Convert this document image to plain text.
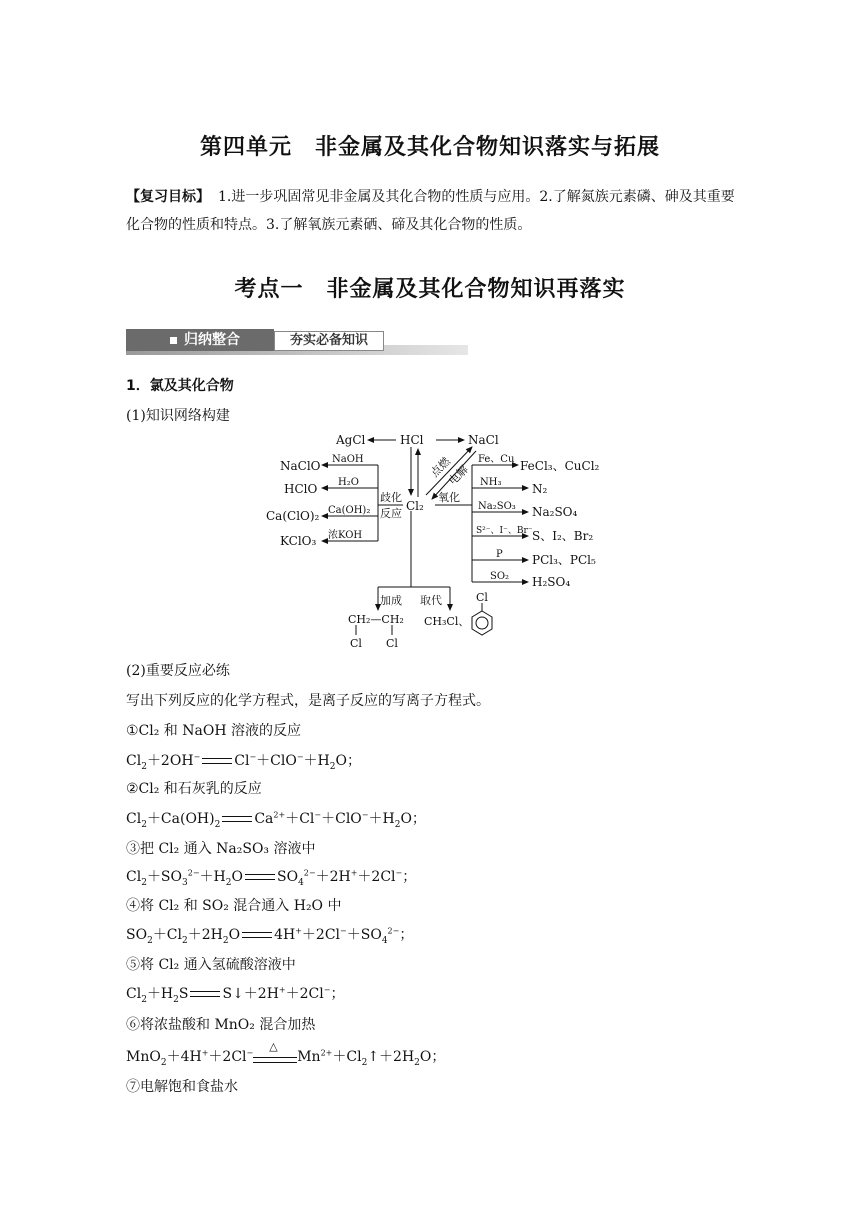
第四单元　非金属及其化合物知识落实与拓展
【复习目标】 1.进一步巩固常见非金属及其化合物的性质与应用。2.了解氮族元素磷、砷及其重要化合物的性质和特点。3.了解氧族元素硒、碲及其化合物的性质。
考点一　非金属及其化合物知识再落实
归纳整合	夯实必备知识
1．氯及其化合物
(1)知识网络构建
AgCl	HCl	NaCl
Cl₂
点燃
电解
NaClO
HClO
Ca(ClO)₂
KClO₃
NaOH
H₂O
Ca(OH)₂
浓KOH
歧化
反应
氧化
Fe、Cu
NH₃
Na₂SO₃
S²⁻、I⁻、Br⁻
P
SO₂
FeCl₃、CuCl₂
N₂
Na₂SO₄
S、I₂、Br₂
PCl₃、PCl₅
H₂SO₄
加成 取代
CH₂—CH₂
Cl Cl
CH₃Cl、
Cl
(2)重要反应必练
写出下列反应的化学方程式，是离子反应的写离子方程式。
①Cl₂ 和 NaOH 溶液的反应
$Cl_2+2OH^-$ $Cl^-+ClO^-+H_2O$；
②Cl₂ 和石灰乳的反应
$Cl_2+Ca(OH)_2$ $Ca^{2+}+Cl^-+ClO^-+H_2O$；
③把 Cl₂ 通入 Na₂SO₃ 溶液中
$Cl_2+SO_3^{2-}+H_2O$ $SO_4^{2-}+2H^++2Cl^-$；
④将 Cl₂ 和 SO₂ 混合通入 H₂O 中
$SO_2+Cl_2+2H_2O$ $4H^++2Cl^-+SO_4^{2-}$；
⑤将 Cl₂ 通入氢硫酸溶液中
$Cl_2+H_2S$ S↓＋2H+＋2Cl−；
⑥将浓盐酸和 MnO₂ 混合加热
MnO$_2$＋4H+＋2Cl− △
$Mn^{2+}+Cl_2↑+2H_2O$；
⑦电解饱和食盐水
